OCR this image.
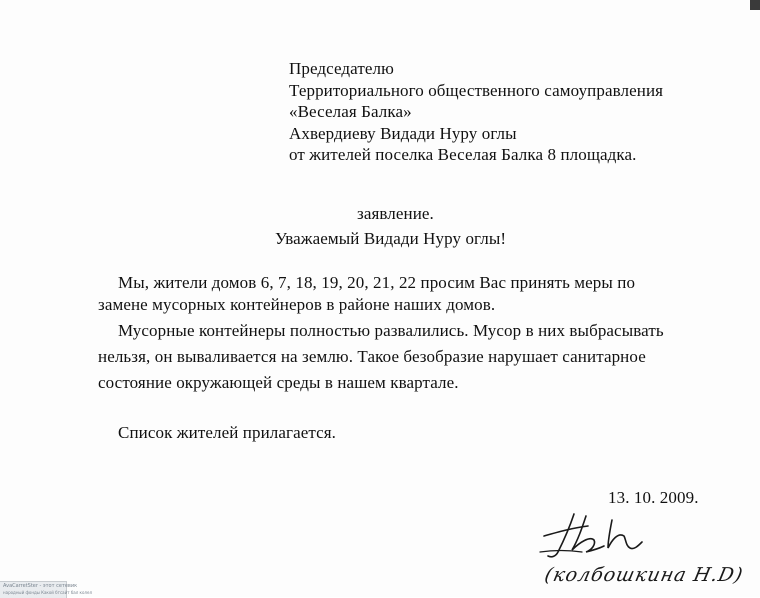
Председателю
Территориального общественного самоуправления
«Веселая Балка»
Ахвердиеву Видади Нуру оглы
от жителей поселка Веселая Балка 8 площадка.
заявление.
Уважаемый Видади Нуру оглы!
Мы, жители домов 6, 7, 18, 19, 20, 21, 22 просим Вас принять меры по
замене мусорных контейнеров в районе наших домов.
Мусорные контейнеры полностью развалились. Мусор в них выбрасывать
нельзя, он вываливается на землю. Такое безобразие нарушает санитарное
состояние окружающей среды в нашем квартале.
Список жителей прилагается.
13. 10. 2009.
(колбошкина Н.D)
AvaCarretSter - этот сетевик
народный фонды Какой бтсайт бал колел
